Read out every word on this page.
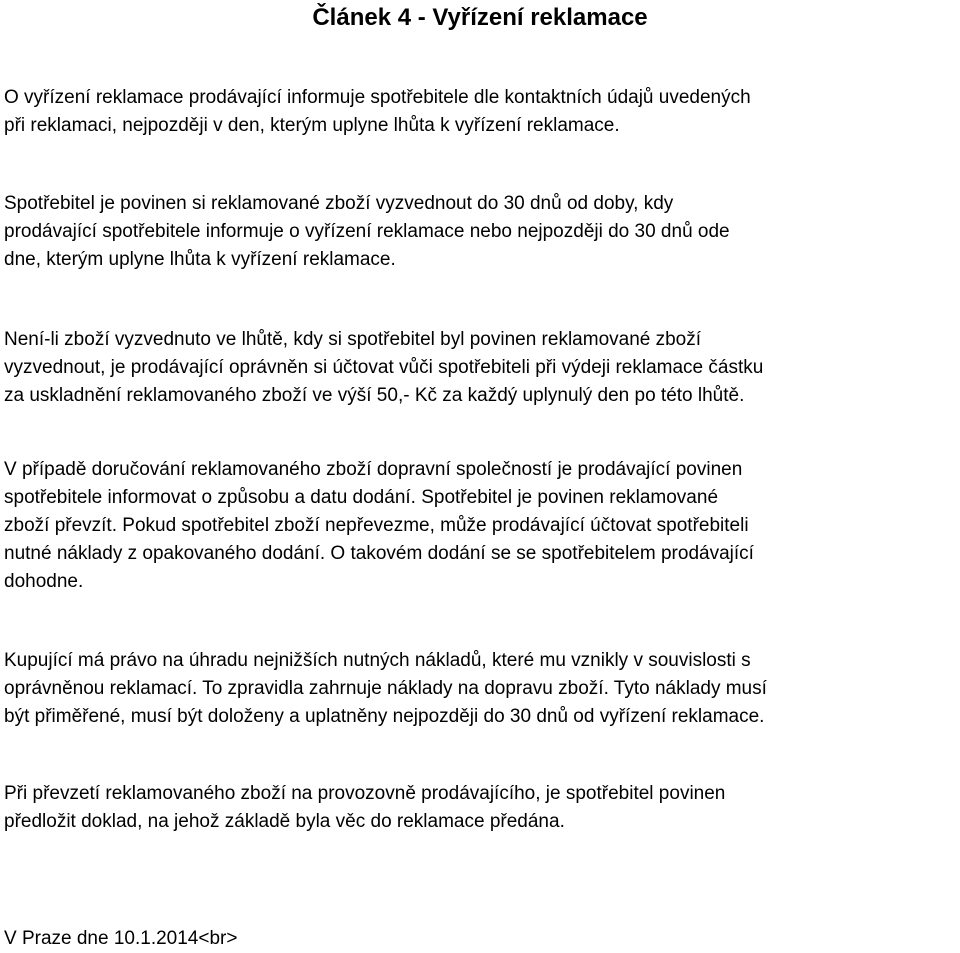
Článek 4 - Vyřízení reklamace
O vyřízení reklamace prodávající informuje spotřebitele dle kontaktních údajů uvedených
při reklamaci, nejpozději v den, kterým uplyne lhůta k vyřízení reklamace.
Spotřebitel je povinen si reklamované zboží vyzvednout do 30 dnů od doby, kdy
prodávající spotřebitele informuje o vyřízení reklamace nebo nejpozději do 30 dnů ode
dne, kterým uplyne lhůta k vyřízení reklamace.
Není-li zboží vyzvednuto ve lhůtě, kdy si spotřebitel byl povinen reklamované zboží
vyzvednout, je prodávající oprávněn si účtovat vůči spotřebiteli při výdeji reklamace částku
za uskladnění reklamovaného zboží ve výší 50,- Kč za každý uplynulý den po této lhůtě.
V případě doručování reklamovaného zboží dopravní společností je prodávající povinen
spotřebitele informovat o způsobu a datu dodání. Spotřebitel je povinen reklamované
zboží převzít. Pokud spotřebitel zboží nepřevezme, může prodávající účtovat spotřebiteli
nutné náklady z opakovaného dodání. O takovém dodání se se spotřebitelem prodávající
dohodne.
Kupující má právo na úhradu nejnižších nutných nákladů, které mu vznikly v souvislosti s
oprávněnou reklamací. To zpravidla zahrnuje náklady na dopravu zboží. Tyto náklady musí
být přiměřené, musí být doloženy a uplatněny nejpozději do 30 dnů od vyřízení reklamace.
Při převzetí reklamovaného zboží na provozovně prodávajícího, je spotřebitel povinen
předložit doklad, na jehož základě byla věc do reklamace předána.
V Praze dne 10.1.2014<br>
